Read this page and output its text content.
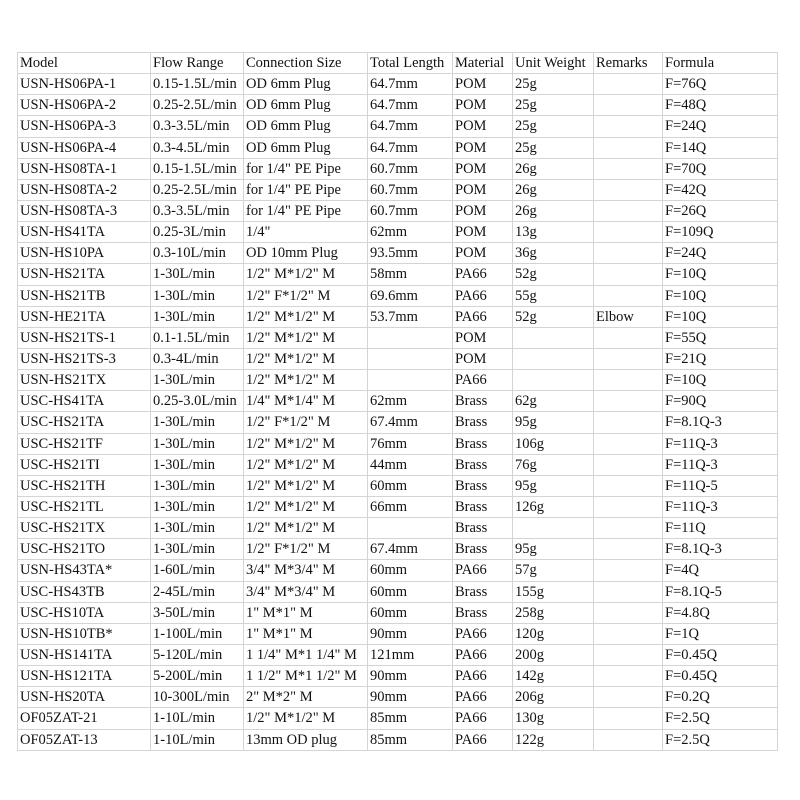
Model	Flow Range	Connection Size	Total Length	Material	Unit Weight	Remarks	Formula
USN-HS06PA-1	0.15-1.5L/min	OD 6mm Plug	64.7mm	POM	25g		F=76Q
USN-HS06PA-2	0.25-2.5L/min	OD 6mm Plug	64.7mm	POM	25g		F=48Q
USN-HS06PA-3	0.3-3.5L/min	OD 6mm Plug	64.7mm	POM	25g		F=24Q
USN-HS06PA-4	0.3-4.5L/min	OD 6mm Plug	64.7mm	POM	25g		F=14Q
USN-HS08TA-1	0.15-1.5L/min	for 1/4" PE Pipe	60.7mm	POM	26g		F=70Q
USN-HS08TA-2	0.25-2.5L/min	for 1/4" PE Pipe	60.7mm	POM	26g		F=42Q
USN-HS08TA-3	0.3-3.5L/min	for 1/4" PE Pipe	60.7mm	POM	26g		F=26Q
USN-HS41TA	0.25-3L/min	1/4"	62mm	POM	13g		F=109Q
USN-HS10PA	0.3-10L/min	OD 10mm Plug	93.5mm	POM	36g		F=24Q
USN-HS21TA	1-30L/min	1/2" M*1/2" M	58mm	PA66	52g		F=10Q
USN-HS21TB	1-30L/min	1/2" F*1/2" M	69.6mm	PA66	55g		F=10Q
USN-HE21TA	1-30L/min	1/2" M*1/2" M	53.7mm	PA66	52g	Elbow	F=10Q
USN-HS21TS-1	0.1-1.5L/min	1/2" M*1/2" M		POM			F=55Q
USN-HS21TS-3	0.3-4L/min	1/2" M*1/2" M		POM			F=21Q
USN-HS21TX	1-30L/min	1/2" M*1/2" M		PA66			F=10Q
USC-HS41TA	0.25-3.0L/min	1/4" M*1/4" M	62mm	Brass	62g		F=90Q
USC-HS21TA	1-30L/min	1/2" F*1/2" M	67.4mm	Brass	95g		F=8.1Q-3
USC-HS21TF	1-30L/min	1/2" M*1/2" M	76mm	Brass	106g		F=11Q-3
USC-HS21TI	1-30L/min	1/2" M*1/2" M	44mm	Brass	76g		F=11Q-3
USC-HS21TH	1-30L/min	1/2" M*1/2" M	60mm	Brass	95g		F=11Q-5
USC-HS21TL	1-30L/min	1/2" M*1/2" M	66mm	Brass	126g		F=11Q-3
USC-HS21TX	1-30L/min	1/2" M*1/2" M		Brass			F=11Q
USC-HS21TO	1-30L/min	1/2" F*1/2" M	67.4mm	Brass	95g		F=8.1Q-3
USN-HS43TA*	1-60L/min	3/4" M*3/4" M	60mm	PA66	57g		F=4Q
USC-HS43TB	2-45L/min	3/4" M*3/4" M	60mm	Brass	155g		F=8.1Q-5
USC-HS10TA	3-50L/min	1" M*1" M	60mm	Brass	258g		F=4.8Q
USN-HS10TB*	1-100L/min	1" M*1" M	90mm	PA66	120g		F=1Q
USN-HS141TA	5-120L/min	1 1/4" M*1 1/4" M	121mm	PA66	200g		F=0.45Q
USN-HS121TA	5-200L/min	1 1/2" M*1 1/2" M	90mm	PA66	142g		F=0.45Q
USN-HS20TA	10-300L/min	2" M*2" M	90mm	PA66	206g		F=0.2Q
OF05ZAT-21	1-10L/min	1/2" M*1/2" M	85mm	PA66	130g		F=2.5Q
OF05ZAT-13	1-10L/min	13mm OD plug	85mm	PA66	122g		F=2.5Q
